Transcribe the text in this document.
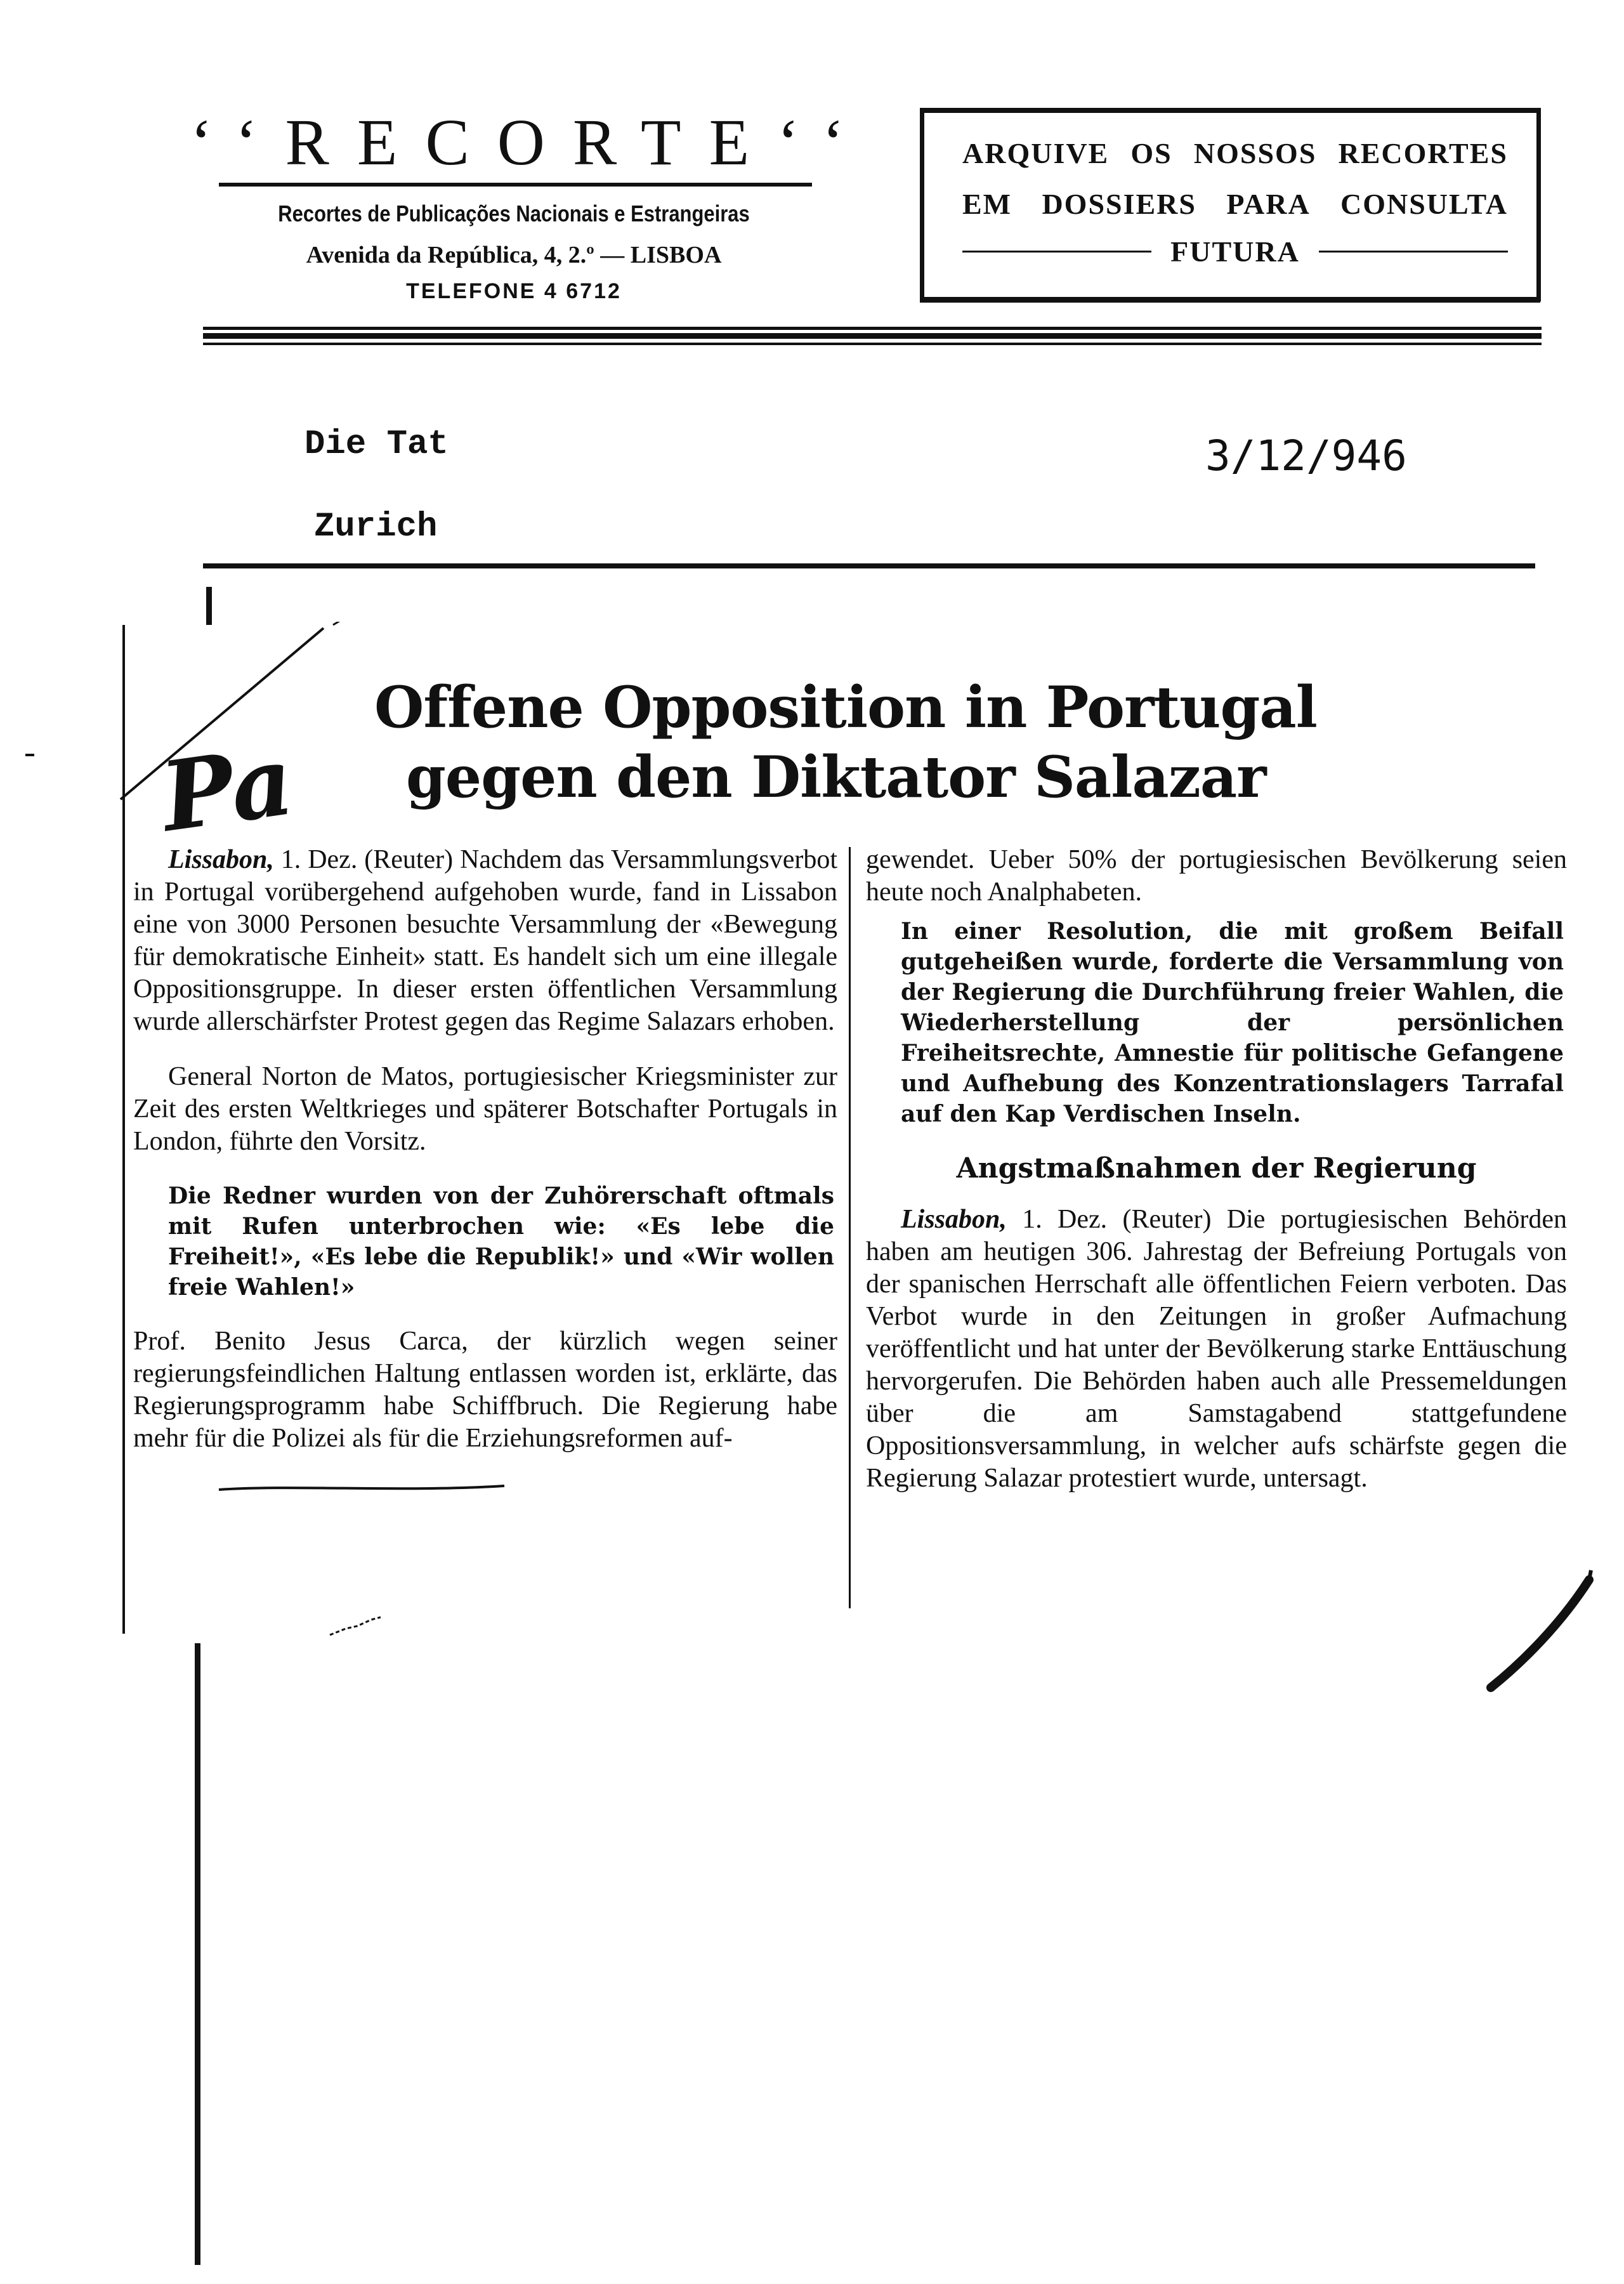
‘‘RECORTE‘‘
Recortes de Publicações Nacionais e Estrangeiras
Avenida da República, 4, 2.º — LISBOA
TELEFONE 4 6712
ARQUIVE OS NOSSOS RECORTES
EM DOSSIERS PARA CONSULTA
FUTURA
Die Tat
Zurich
3/12/946
Offene Opposition in Portugal
gegen den Diktator Salazar
Pa

Lissabon, 1. Dez. (Reuter) Nachdem das Versammlungsverbot in Portugal vorübergehend aufgehoben wurde, fand in Lissabon eine von 3000 Personen besuchte Versammlung der «Bewegung für demokratische Einheit» statt. Es handelt sich um eine illegale Oppositionsgruppe. In dieser ersten öffentlichen Versammlung wurde allerschärfster Protest gegen das Regime Salazars erhoben.

General Norton de Matos, portugiesischer Kriegsminister zur Zeit des ersten Weltkrieges und späterer Botschafter Portugals in London, führte den Vorsitz.

Die Redner wurden von der Zuhörerschaft oftmals mit Rufen unterbrochen wie: «Es lebe die Freiheit!», «Es lebe die Republik!» und «Wir wollen freie Wahlen!»

Prof. Benito Jesus Carca, der kürzlich wegen seiner regierungsfeindlichen Haltung entlassen worden ist, erklärte, das Regierungsprogramm habe Schiffbruch. Die Regierung habe mehr für die Polizei als für die Erziehungsreformen auf-

gewendet. Ueber 50% der portugiesischen Bevölkerung seien heute noch Analphabeten.

In einer Resolution, die mit großem Beifall gutgeheißen wurde, forderte die Versammlung von der Regierung die Durchführung freier Wahlen, die Wiederherstellung der persönlichen Freiheitsrechte, Amnestie für politische Gefangene und Aufhebung des Konzentrationslagers Tarrafal auf den Kap Verdischen Inseln.

Angstmaßnahmen der Regierung

Lissabon, 1. Dez. (Reuter) Die portugiesischen Behörden haben am heutigen 306. Jahrestag der Befreiung Portugals von der spanischen Herrschaft alle öffentlichen Feiern verboten. Das Verbot wurde in den Zeitungen in großer Aufmachung veröffentlicht und hat unter der Bevölkerung starke Enttäuschung hervorgerufen. Die Behörden haben auch alle Pressemeldungen über die am Samstagabend stattgefundene Oppositionsversammlung, in welcher aufs schärfste gegen die Regierung Salazar protestiert wurde, untersagt.
